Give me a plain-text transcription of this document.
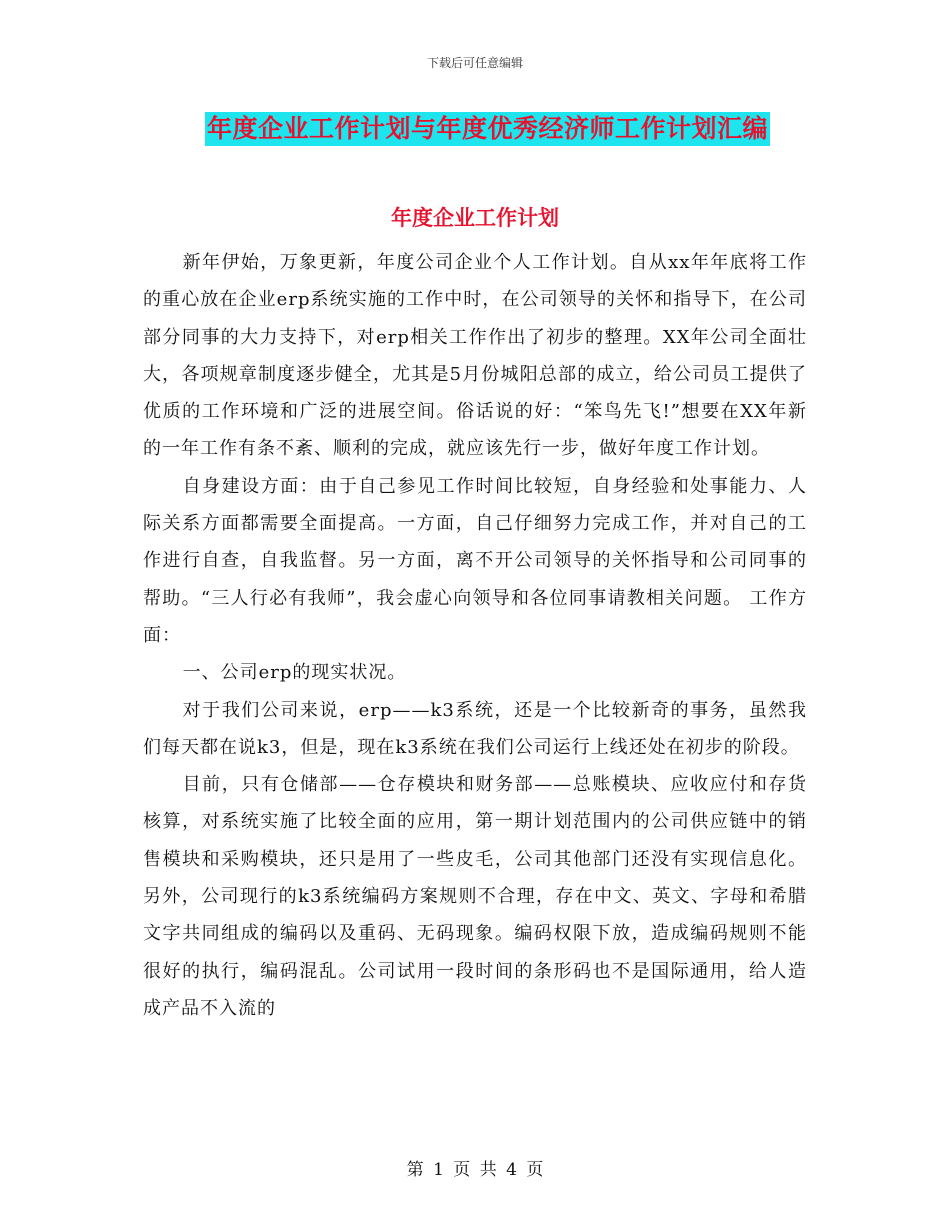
下载后可任意编辑
年度企业工作计划与年度优秀经济师工作计划汇编
年度企业工作计划

新年伊始，万象更新，年度公司企业个人工作计划。自从xx年年底将工作的重心放在企业erp系统实施的工作中时，在公司领导的关怀和指导下，在公司部分同事的大力支持下，对erp相关工作作出了初步的整理。XX年公司全面壮大，各项规章制度逐步健全，尤其是5月份城阳总部的成立，给公司员工提供了优质的工作环境和广泛的进展空间。俗话说的好：“笨鸟先飞!”想要在XX年新的一年工作有条不紊、顺利的完成，就应该先行一步，做好年度工作计划。

自身建设方面：由于自己参见工作时间比较短，自身经验和处事能力、人际关系方面都需要全面提高。一方面，自己仔细努力完成工作，并对自己的工作进行自查，自我监督。另一方面，离不开公司领导的关怀指导和公司同事的帮助。“三人行必有我师”，我会虚心向领导和各位同事请教相关问题。 工作方面：

一、公司erp的现实状况。

对于我们公司来说，erp——k3系统，还是一个比较新奇的事务，虽然我们每天都在说k3，但是，现在k3系统在我们公司运行上线还处在初步的阶段。

目前，只有仓储部——仓存模块和财务部——总账模块、应收应付和存货核算，对系统实施了比较全面的应用，第一期计划范围内的公司供应链中的销售模块和采购模块，还只是用了一些皮毛，公司其他部门还没有实现信息化。另外，公司现行的k3系统编码方案规则不合理，存在中文、英文、字母和希腊文字共同组成的编码以及重码、无码现象。编码权限下放，造成编码规则不能很好的执行，编码混乱。公司试用一段时间的条形码也不是国际通用，给人造成产品不入流的

第 1 页 共 4 页
